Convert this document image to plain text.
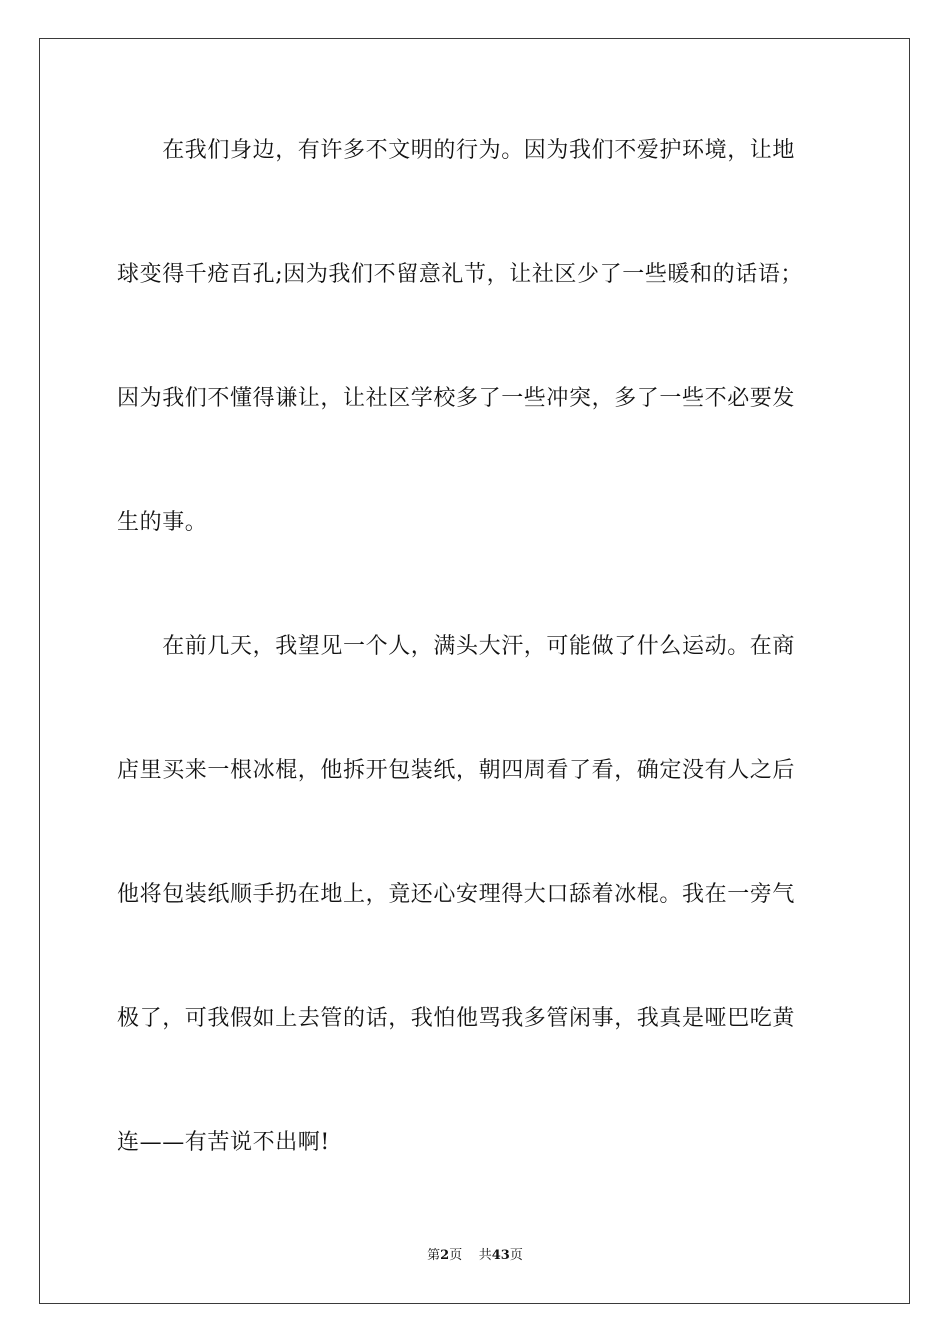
　　在我们身边，有许多不文明的行为。因为我们不爱护环境，让地
球变得千疮百孔;因为我们不留意礼节，让社区少了一些暖和的话语；
因为我们不懂得谦让，让社区学校多了一些冲突，多了一些不必要发
生的事。
　　在前几天，我望见一个人，满头大汗，可能做了什么运动。在商
店里买来一根冰棍，他拆开包装纸，朝四周看了看，确定没有人之后
他将包装纸顺手扔在地上，竟还心安理得大口舔着冰棍。我在一旁气
极了，可我假如上去管的话，我怕他骂我多管闲事，我真是哑巴吃黄
连——有苦说不出啊!
第2页 共43页
